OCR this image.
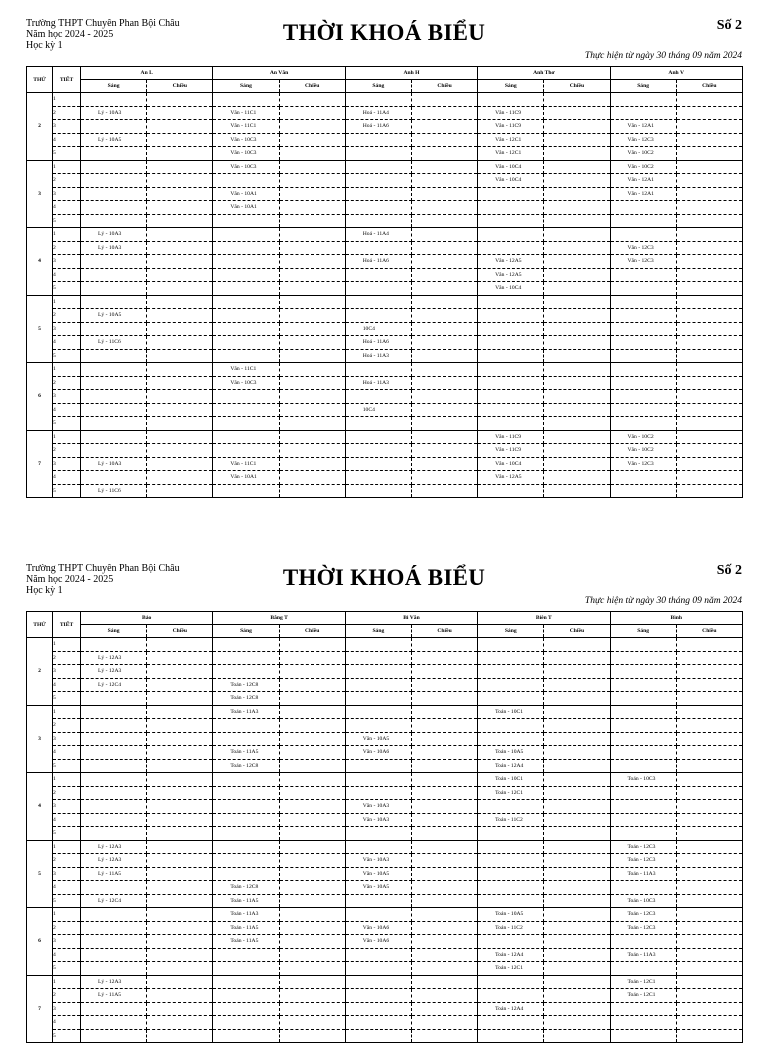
Trường THPT Chuyên Phan Bội Châu
Năm học 2024 - 2025
Học kỳ 1
THỜI KHOÁ BIỂU	Số 2
Thực hiện từ ngày 30 tháng 09 năm 2024
THỨ	TIẾT	An L		An Văn		Anh H		Anh Thơ		Anh V	
		Sáng	Chiều	Sáng	Chiều	Sáng	Chiều	Sáng	Chiều	Sáng	Chiều
2	1										
	2	Lý - 10A3		Văn - 11C1		Hoá - 11A4		Văn - 11C9			
	3			Văn - 11C1		Hoá - 11A6		Văn - 11C9		Văn - 12A1	
	4	Lý - 10A5		Văn - 10C3				Văn - 12C1		Văn - 12C3	
	5			Văn - 10C3				Văn - 12C1		Văn - 10C2	
3	1			Văn - 10C3				Văn - 10C4		Văn - 10C2	
	2							Văn - 10C4		Văn - 12A1	
	3			Văn - 10A1						Văn - 12A1	
	4			Văn - 10A1							
	5										
4	1	Lý - 10A3				Hoá - 11A4					
	2	Lý - 10A3								Văn - 12C3	
	3					Hoá - 11A6		Văn - 12A5		Văn - 12C3	
	4							Văn - 12A5			
	5							Văn - 10C4			
5	1										
	2	Lý - 10A5									
	3					10C4					
	4	Lý - 11C6				Hoá - 11A6					
	5					Hoá - 11A3					
6	1			Văn - 11C1							
	2			Văn - 10C3		Hoá - 11A3					
	3										
	4					10C4					
	5										
7	1							Văn - 11C9		Văn - 10C2	
	2							Văn - 11C9		Văn - 10C2	
	3	Lý - 10A3		Văn - 11C1				Văn - 10C4		Văn - 12C3	
	4			Văn - 10A1				Văn - 12A5			
	5	Lý - 11C6									
Trường THPT Chuyên Phan Bội Châu
Năm học 2024 - 2025
Học kỳ 1
THỜI KHOÁ BIỂU	Số 2
Thực hiện từ ngày 30 tháng 09 năm 2024
THỨ	TIẾT	Bảo		Băng T		Bi Văn		Biên T		Bình	
		Sáng	Chiều	Sáng	Chiều	Sáng	Chiều	Sáng	Chiều	Sáng	Chiều
2	1										
	2	Lý - 12A3									
	3	Lý - 12A3									
	4	Lý - 12C4		Toán - 12C8							
	5			Toán - 12C8							
3	1			Toán - 11A3				Toán - 10C1			
	2										
	3					Văn - 10A5					
	4			Toán - 11A5		Văn - 10A6		Toán - 10A5			
	5			Toán - 12C8				Toán - 12A4			
4	1							Toán - 10C1		Toán - 10C3	
	2							Toán - 12C1			
	3					Văn - 10A3					
	4					Văn - 10A3		Toán - 11C2			
	5										
5	1	Lý - 12A3								Toán - 12C3	
	2	Lý - 12A3				Văn - 10A3				Toán - 12C3	
	3	Lý - 11A5				Văn - 10A5				Toán - 11A3	
	4			Toán - 12C8		Văn - 10A5					
	5	Lý - 12C4		Toán - 11A5						Toán - 10C3	
6	1			Toán - 11A3				Toán - 10A5		Toán - 12C3	
	2			Toán - 11A5		Văn - 10A6		Toán - 11C2		Toán - 12C3	
	3			Toán - 11A5		Văn - 10A6					
	4							Toán - 12A4		Toán - 11A3	
	5							Toán - 12C1			
7	1	Lý - 12A3								Toán - 12C1	
	2	Lý - 11A5								Toán - 12C1	
	3							Toán - 12A4			
	4										
	5										
